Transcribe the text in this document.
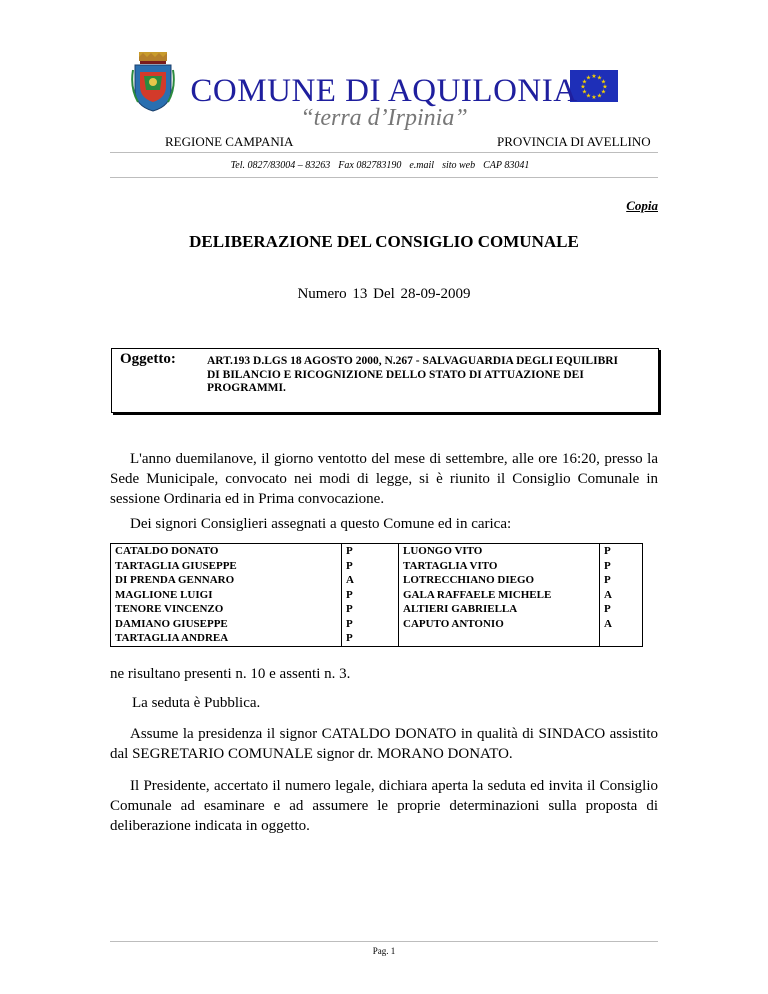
★ ★
★
★
★
★
★
★
★
★
★
★
COMUNE DI AQUILONIA
“terra d’Irpinia”
REGIONE CAMPANIA	PROVINCIA DI AVELLINO
Tel. 0827/83004 – 83263 Fax 082783190 e.mail sito web CAP 83041
Copia
DELIBERAZIONE DEL CONSIGLIO COMUNALE
Numero 13 Del 28-09-2009
Oggetto:	ART.193 D.LGS 18 AGOSTO 2000, N.267 - SALVAGUARDIA DEGLI EQUILIBRI DI BILANCIO E RICOGNIZIONE DELLO STATO DI ATTUAZIONE DEI PROGRAMMI.
L'anno duemilanove, il giorno ventotto del mese di settembre, alle ore 16:20, presso la Sede Municipale, convocato nei modi di legge, si è riunito il Consiglio Comunale in sessione Ordinaria ed in Prima convocazione.
Dei signori Consiglieri assegnati a questo Comune ed in carica:
CATALDO DONATO	P	LUONGO VITO	P
TARTAGLIA GIUSEPPE	P	TARTAGLIA VITO	P
DI PRENDA GENNARO	A	LOTRECCHIANO DIEGO	P
MAGLIONE LUIGI	P	GALA RAFFAELE MICHELE	A
TENORE VINCENZO	P	ALTIERI GABRIELLA	P
DAMIANO GIUSEPPE	P	CAPUTO ANTONIO	A
TARTAGLIA ANDREA	P		
ne risultano presenti n. 10 e assenti n. 3.
La seduta è Pubblica.
Assume la presidenza il signor CATALDO DONATO in qualità di SINDACO assistito dal SEGRETARIO COMUNALE signor dr. MORANO DONATO.
Il Presidente, accertato il numero legale, dichiara aperta la seduta ed invita il Consiglio Comunale ad esaminare e ad assumere le proprie determinazioni sulla proposta di deliberazione indicata in oggetto.
Pag. 1
